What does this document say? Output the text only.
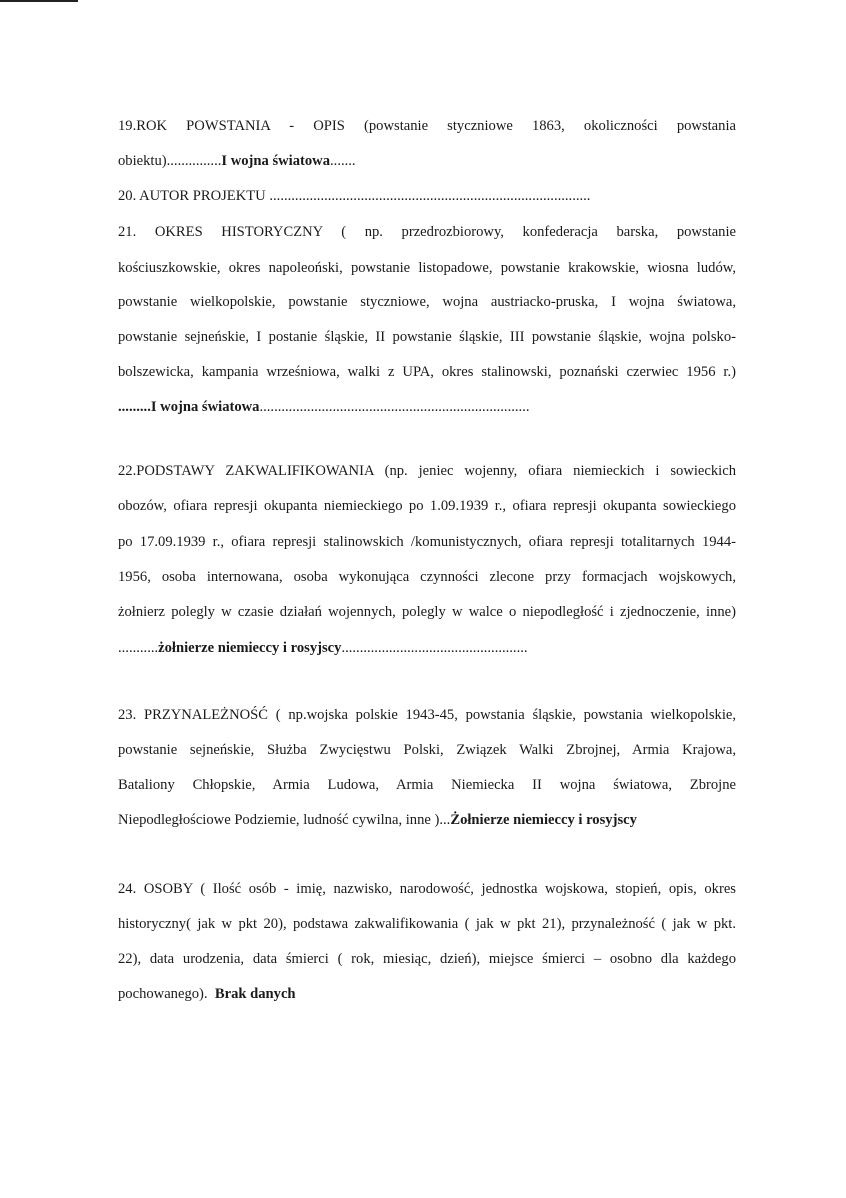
19.ROK POWSTANIA - OPIS (powstanie styczniowe 1863, okoliczności powstania
obiektu)...............I wojna światowa.......
20. AUTOR PROJEKTU ........................................................................................
21. OKRES HISTORYCZNY ( np. przedrozbiorowy, konfederacja barska, powstanie
kościuszkowskie, okres napoleoński, powstanie listopadowe, powstanie krakowskie, wiosna ludów,
powstanie wielkopolskie, powstanie styczniowe, wojna austriacko-pruska, I wojna światowa,
powstanie sejneńskie, I postanie śląskie, II powstanie śląskie, III powstanie śląskie, wojna polsko-
bolszewicka, kampania wrześniowa, walki z UPA, okres stalinowski, poznański czerwiec 1956 r.)
.........I wojna światowa..........................................................................
22.PODSTAWY ZAKWALIFIKOWANIA (np. jeniec wojenny, ofiara niemieckich i sowieckich
obozów, ofiara represji okupanta niemieckiego po 1.09.1939 r., ofiara represji okupanta sowieckiego
po 17.09.1939 r., ofiara represji stalinowskich /komunistycznych, ofiara represji totalitarnych 1944-
1956, osoba internowana, osoba wykonująca czynności zlecone przy formacjach wojskowych,
żołnierz polegly w czasie działań wojennych, polegly w walce o niepodległość i zjednoczenie, inne)
...........żołnierze niemieccy i rosyjscy...................................................
23. PRZYNALEŻNOŚĆ ( np.wojska polskie 1943-45, powstania śląskie, powstania wielkopolskie,
powstanie sejneńskie, Służba Zwycięstwu Polski, Związek Walki Zbrojnej, Armia Krajowa,
Bataliony Chłopskie, Armia Ludowa, Armia Niemiecka II wojna światowa, Zbrojne
Niepodległościowe Podziemie, ludność cywilna, inne )...Żołnierze niemieccy i rosyjscy
24. OSOBY ( Ilość osób - imię, nazwisko, narodowość, jednostka wojskowa, stopień, opis, okres
historyczny( jak w pkt 20), podstawa zakwalifikowania ( jak w pkt 21), przynależność ( jak w pkt.
22), data urodzenia, data śmierci ( rok, miesiąc, dzień), miejsce śmierci – osobno dla każdego
pochowanego). Brak danych
